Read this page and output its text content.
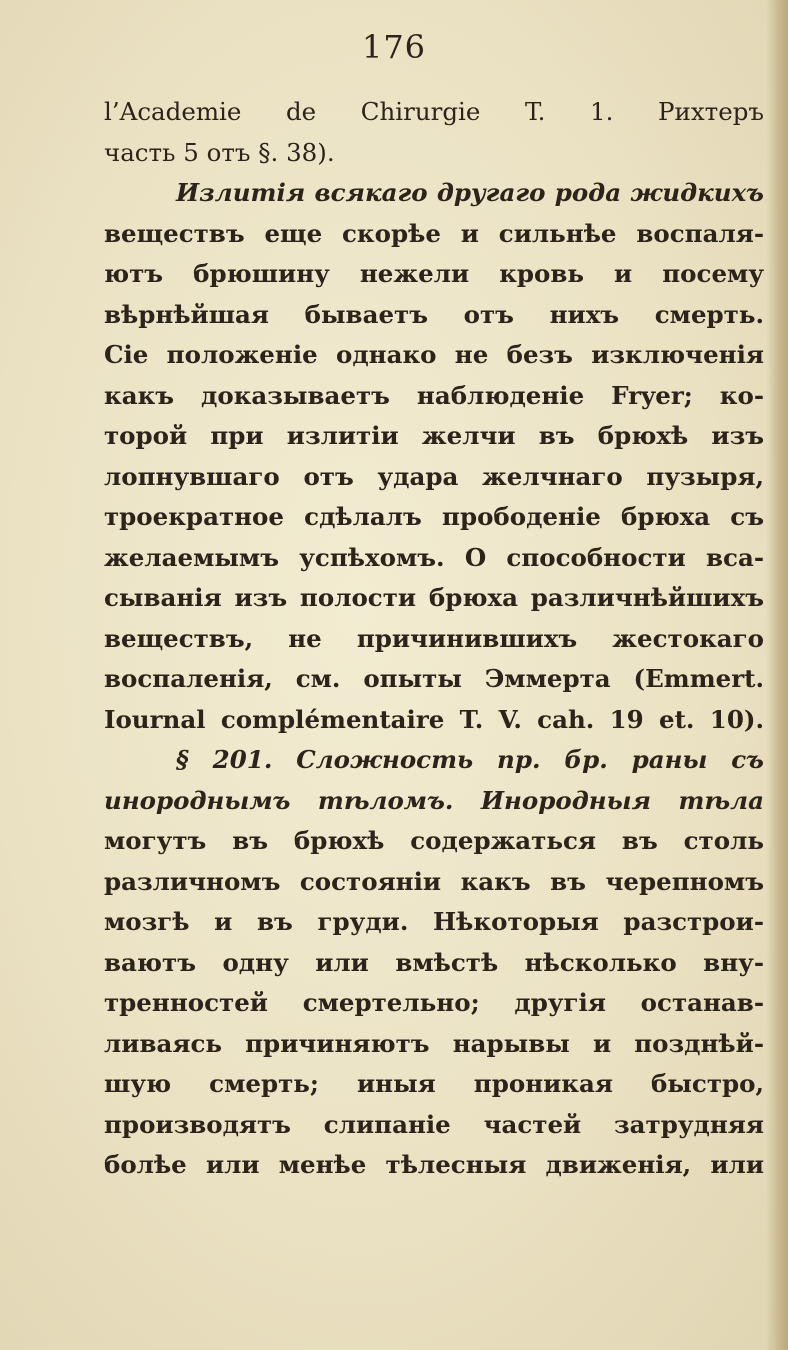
176
l’Academie de Chirurgie T. 1. Рихтеръ
часть 5 отъ §. 38).
Излитія всякаго другаго рода жидкихъ
веществъ еще скорѣе и сильнѣе воспаля-
ютъ брюшину нежели кровь и посему
вѣрнѣйшая бываетъ отъ нихъ смерть.
Сіе положеніе однако не безъ изключенія
какъ доказываетъ наблюденіе Fryer; ко-
торой при излитіи желчи въ брюхѣ изъ
лопнувшаго отъ удара желчнаго пузыря,
троекратное сдѣлалъ прободеніе брюха съ
желаемымъ успѣхомъ. О способности вса-
сыванія изъ полости брюха различнѣйшихъ
веществъ, не причинившихъ жестокаго
воспаленія, см. опыты Эммерта (Emmert.
Iournal complémentaire T. V. cah. 19 et. 10).
§ 201. Сложность пр. бр. раны съ
инороднымъ тѣломъ. Инородныя тѣла
могутъ въ брюхѣ содержаться въ столь
различномъ состояніи какъ въ черепномъ
мозгѣ и въ груди. Нѣкоторыя разстрои-
ваютъ одну или вмѣстѣ нѣсколько вну-
тренностей смертельно; другія останав-
ливаясь причиняютъ нарывы и позднѣй-
шую смерть; иныя проникая быстро,
производятъ слипаніе частей затрудняя
болѣе или менѣе тѣлесныя движенія, или
